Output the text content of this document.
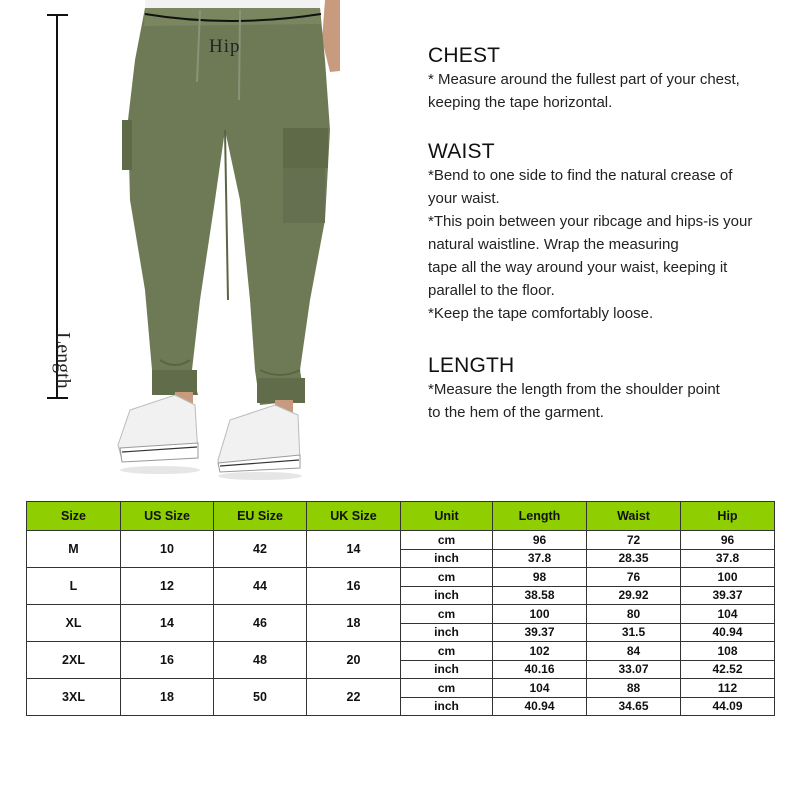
Length
Hip	CHEST

* Measure around the fullest part of your chest,

keeping the tape horizontal.

WAIST

*Bend to one side to find the natural crease of

your waist.

*This poin between your ribcage and hips-is your

natural waistline. Wrap the measuring

tape all the way around your waist, keeping it

parallel to the floor.

*Keep the tape comfortably loose.

LENGTH

*Measure the length from the shoulder point

to the hem of the garment.

Size	US Size	EU Size	UK Size	Unit	Length	Waist	Hip
M	10	42	14	cm	96	72	96
				inch	37.8	28.35	37.8
L	12	44	16	cm	98	76	100
				inch	38.58	29.92	39.37
XL	14	46	18	cm	100	80	104
				inch	39.37	31.5	40.94
2XL	16	48	20	cm	102	84	108
				inch	40.16	33.07	42.52
3XL	18	50	22	cm	104	88	112
				inch	40.94	34.65	44.09
